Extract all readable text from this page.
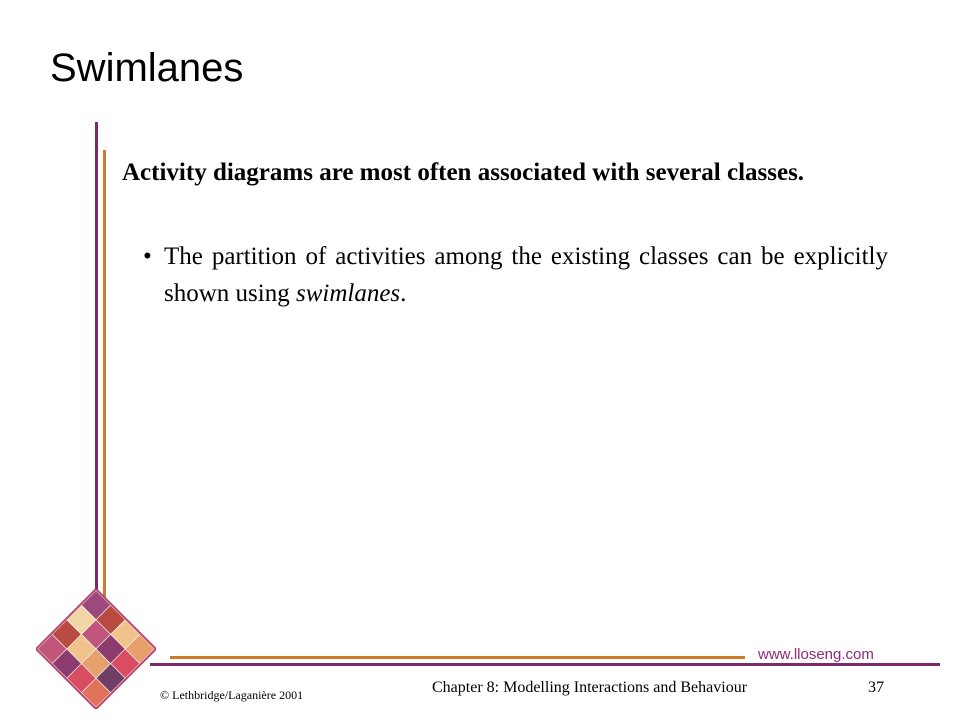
Swimlanes

Activity diagrams are most often associated with several classes.

• The partition of activities among the existing classes can be explicitly shown using swimlanes.
www.lloseng.com
© Lethbridge/Laganière 2001	Chapter 8: Modelling Interactions and Behaviour	37
